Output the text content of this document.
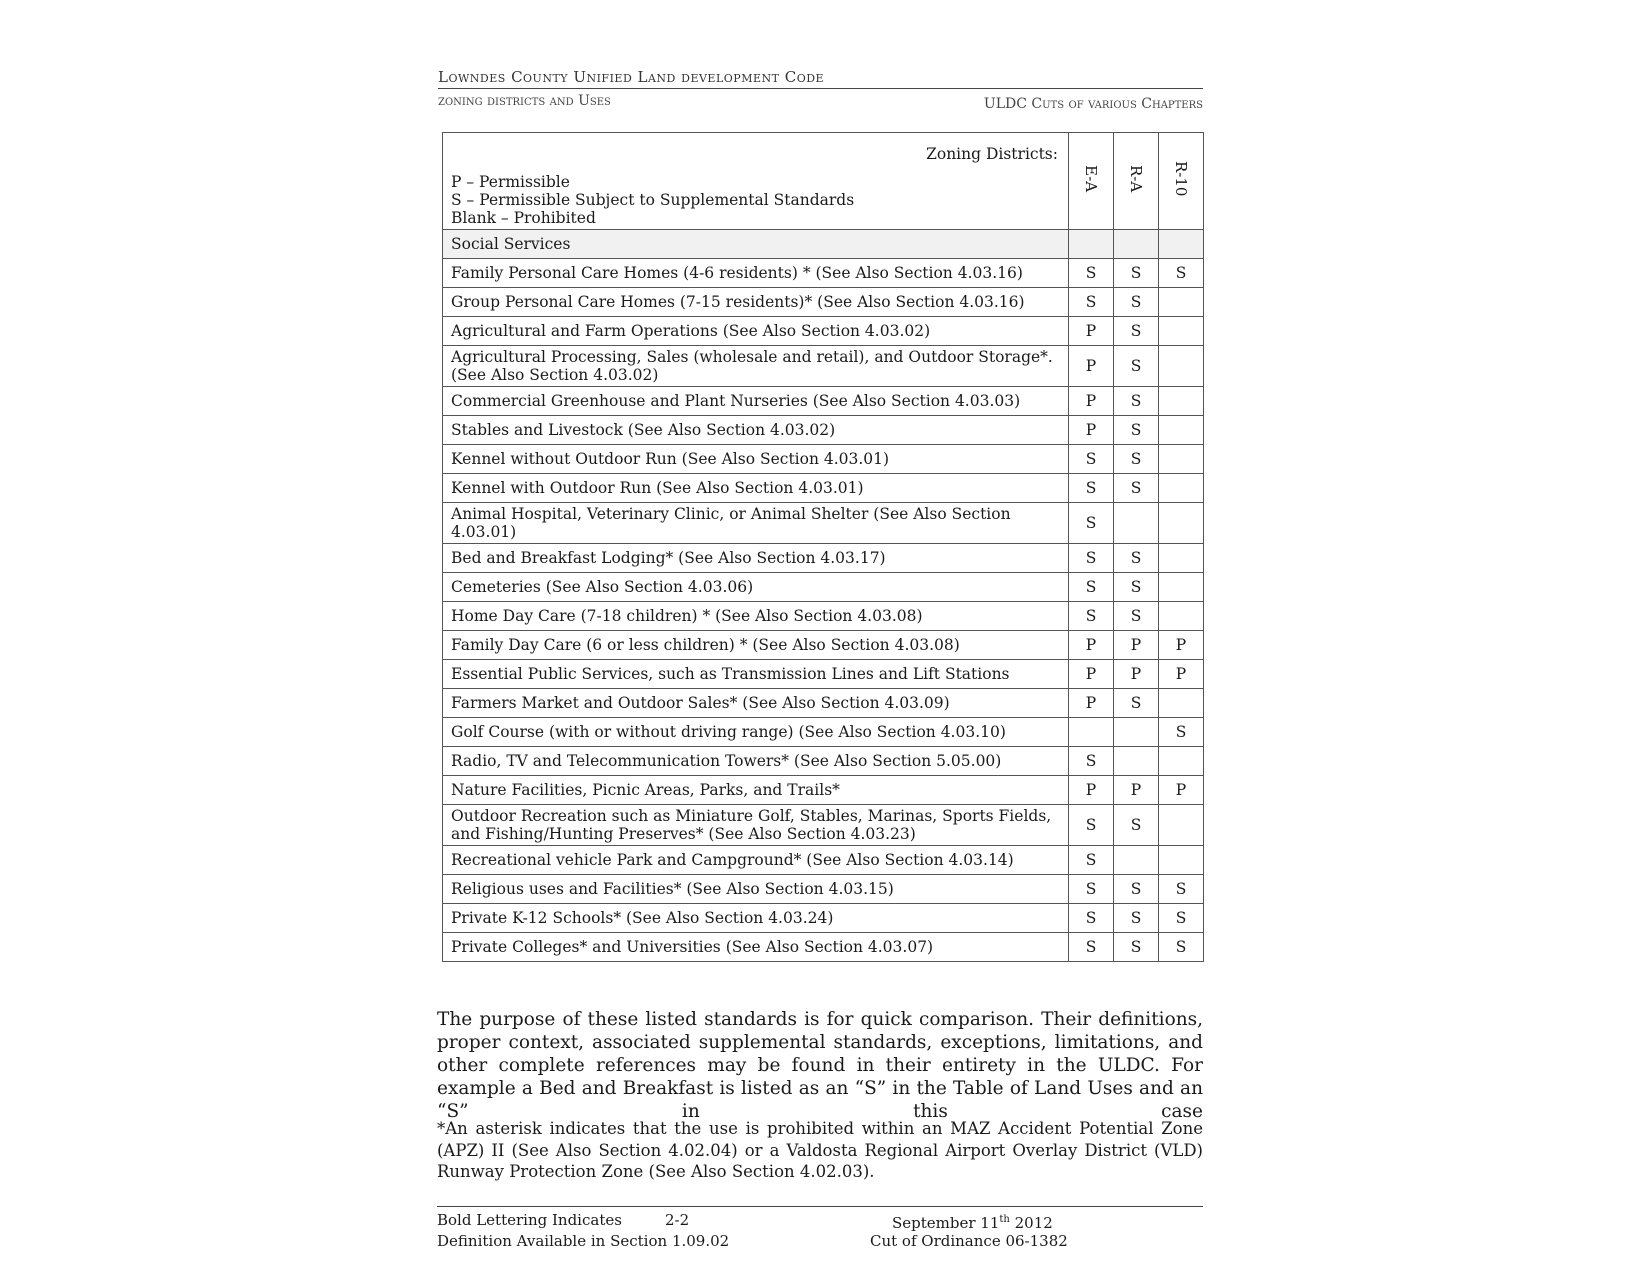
Lowndes County Unified Land development Code
zoning districts and Uses	ULDC Cuts of various Chapters
Zoning Districts:
P – Permissible
S – Permissible Subject to Supplemental Standards
Blank – Prohibited	E-A	R-A	R-10
Social Services			
Family Personal Care Homes (4-6 residents) * (See Also Section 4.03.16)	S	S	S
Group Personal Care Homes (7-15 residents)* (See Also Section 4.03.16)	S	S	
Agricultural and Farm Operations (See Also Section 4.03.02)	P	S	
Agricultural Processing, Sales (wholesale and retail), and Outdoor Storage*. (See Also Section 4.03.02)	P	S	
Commercial Greenhouse and Plant Nurseries (See Also Section 4.03.03)	P	S	
Stables and Livestock (See Also Section 4.03.02)	P	S	
Kennel without Outdoor Run (See Also Section 4.03.01)	S	S	
Kennel with Outdoor Run (See Also Section 4.03.01)	S	S	
Animal Hospital, Veterinary Clinic, or Animal Shelter (See Also Section 4.03.01)	S		
Bed and Breakfast Lodging* (See Also Section 4.03.17)	S	S	
Cemeteries (See Also Section 4.03.06)	S	S	
Home Day Care (7-18 children) * (See Also Section 4.03.08)	S	S	
Family Day Care (6 or less children) * (See Also Section 4.03.08)	P	P	P
Essential Public Services, such as Transmission Lines and Lift Stations	P	P	P
Farmers Market and Outdoor Sales* (See Also Section 4.03.09)	P	S	
Golf Course (with or without driving range) (See Also Section 4.03.10)			S
Radio, TV and Telecommunication Towers* (See Also Section 5.05.00)	S		
Nature Facilities, Picnic Areas, Parks, and Trails*	P	P	P
Outdoor Recreation such as Miniature Golf, Stables, Marinas, Sports Fields, and Fishing/Hunting Preserves* (See Also Section 4.03.23)	S	S	
Recreational vehicle Park and Campground* (See Also Section 4.03.14)	S		
Religious uses and Facilities* (See Also Section 4.03.15)	S	S	S
Private K-12 Schools* (See Also Section 4.03.24)	S	S	S
Private Colleges* and Universities (See Also Section 4.03.07)	S	S	S

The purpose of these listed standards is for quick comparison. Their definitions, proper context, associated supplemental standards, exceptions, limitations, and other complete references may be found in their entirety in the ULDC. For example a Bed and Breakfast is listed as an “S” in the Table of Land Uses and an “S” in this case

*An asterisk indicates that the use is prohibited within an MAZ Accident Potential Zone (APZ) II (See Also Section 4.02.04) or a Valdosta Regional Airport Overlay District (VLD) Runway Protection Zone (See Also Section 4.02.03).

Bold Lettering Indicates	2-2
Definition Available in Section 1.09.02
September 11th 2012
Cut of Ordinance 06-1382
